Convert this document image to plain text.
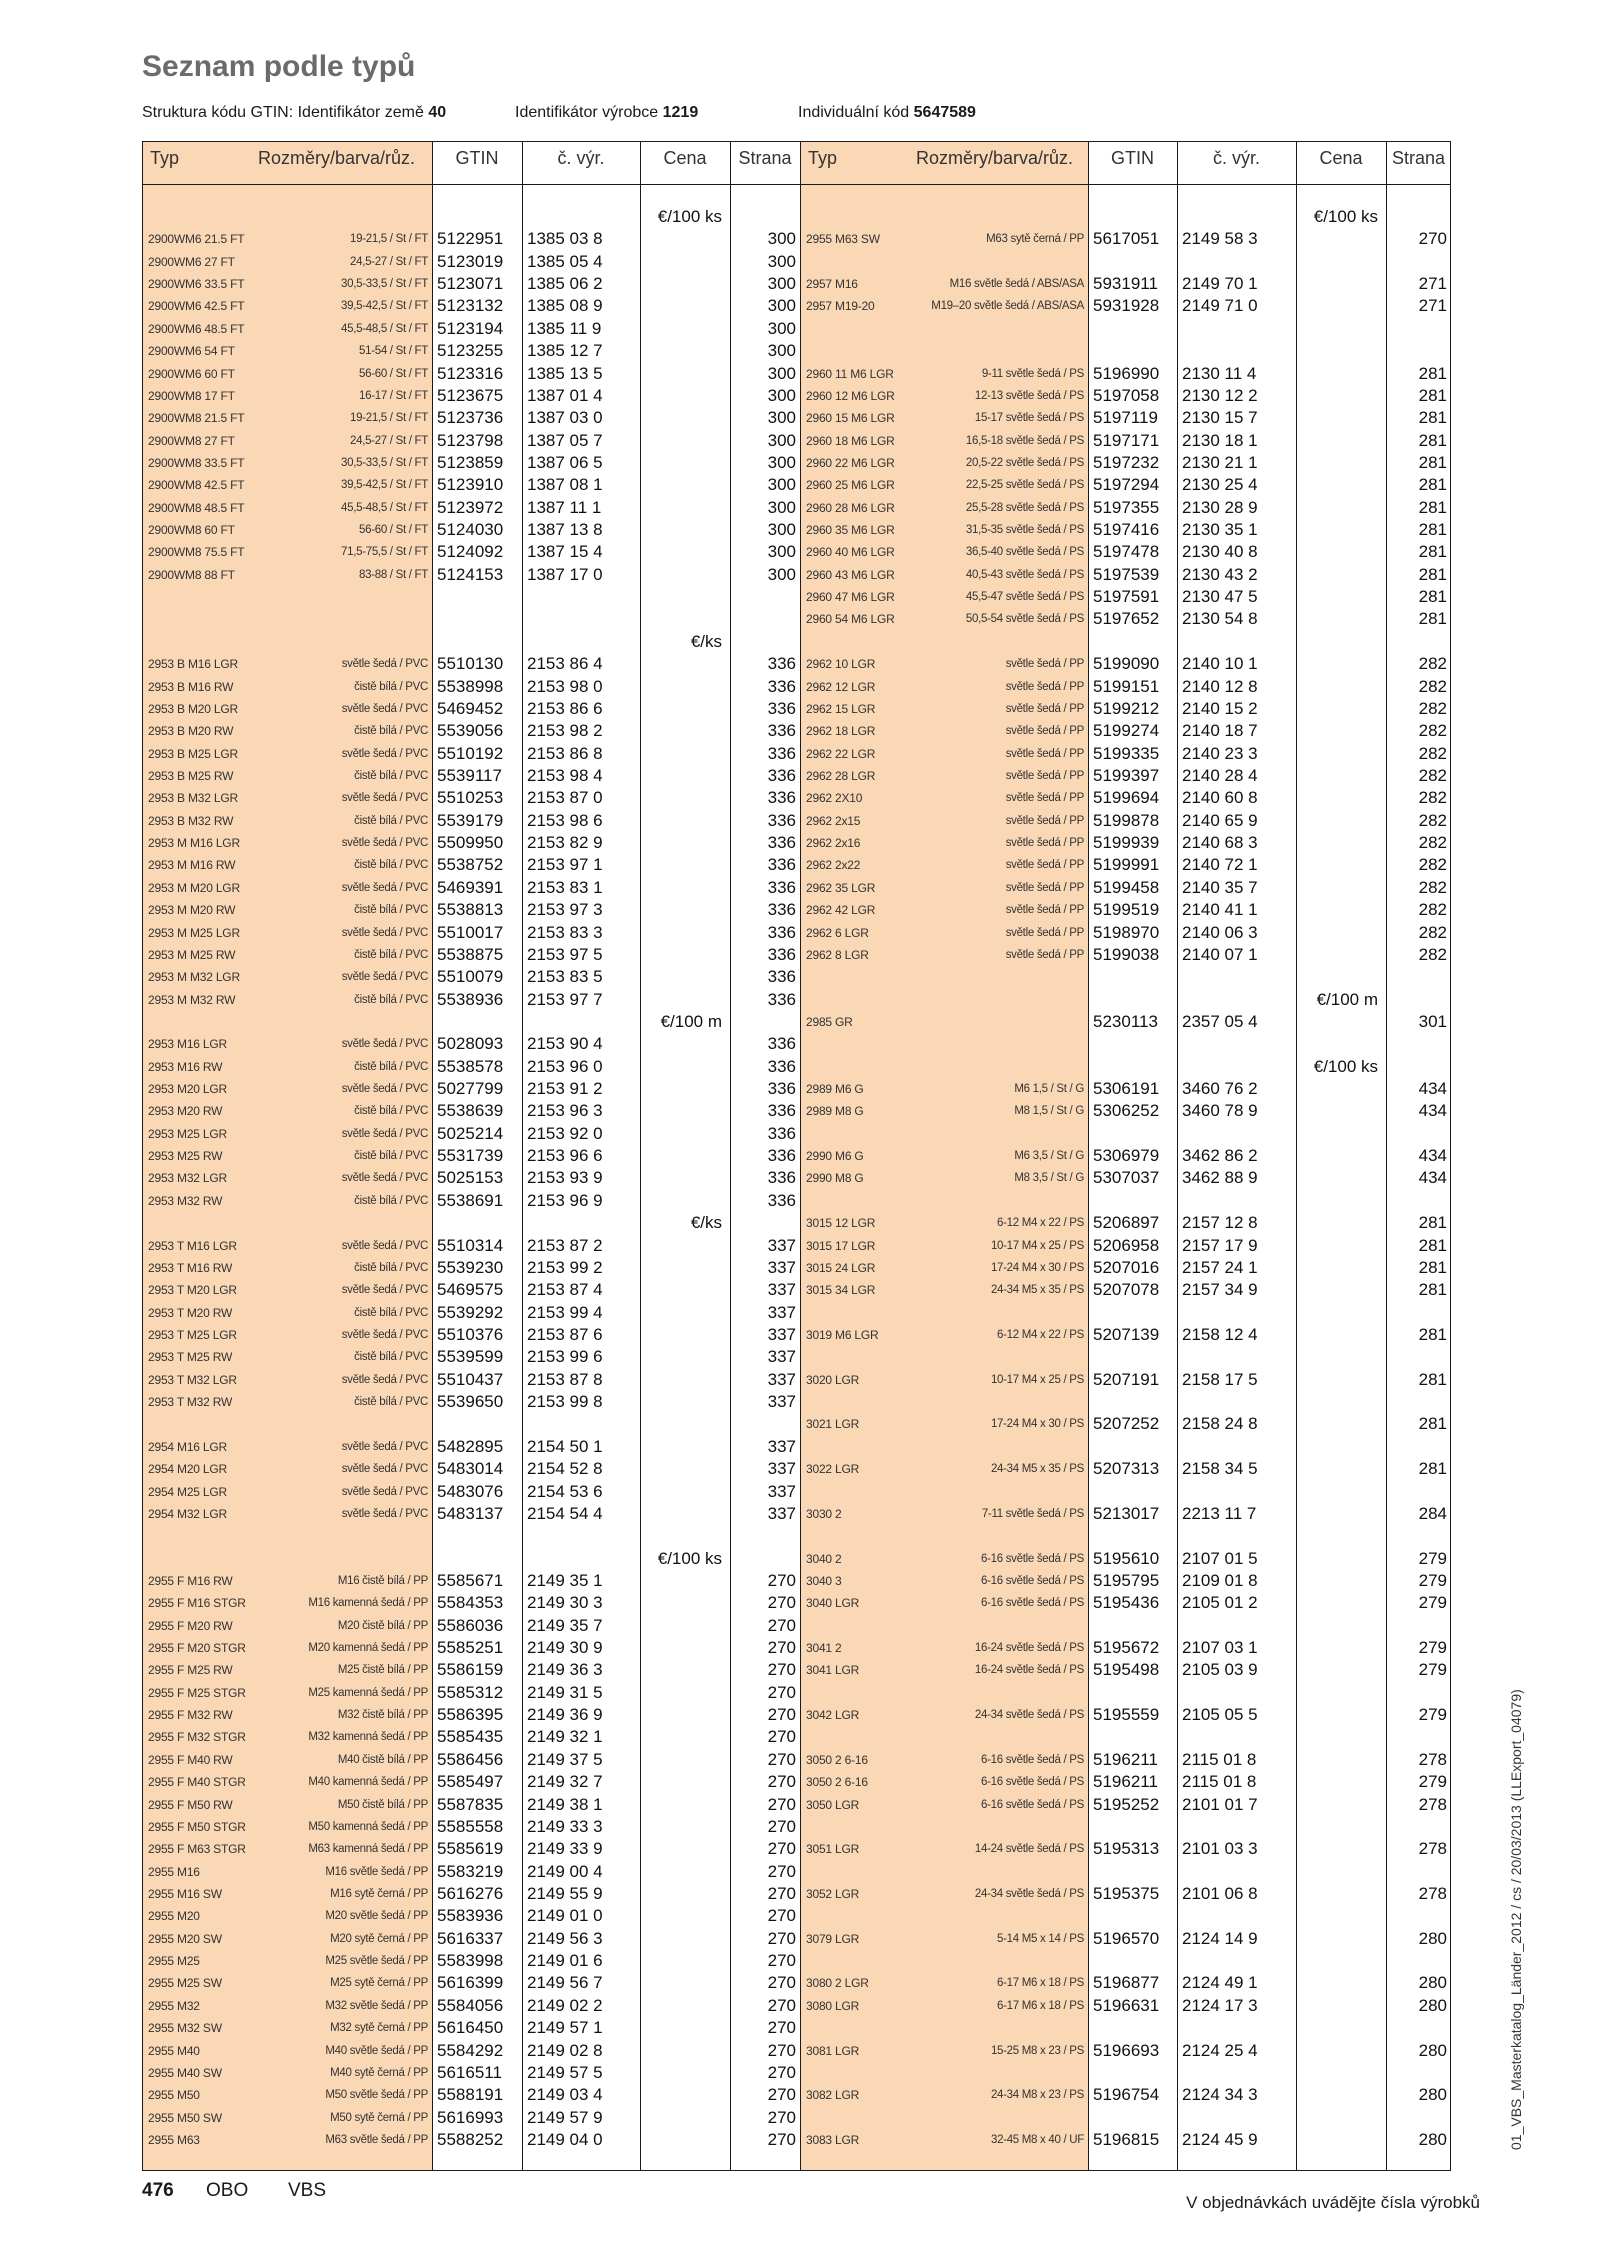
Seznam podle typů
Struktura kódu GTIN: Identifikátor země 40	Identifikátor výrobce 1219	Individuální kód 5647589
Typ	Rozměry/barva/růz.	GTIN	č. výr.	Cena	Strana Typ	Rozměry/barva/růz.	GTIN	č. výr.	Cena	Strana
€/100 ks
2900WM6 21.5 FT	19-21,5 / St / FT 5122951 1385 03 8	300
2900WM6 27 FT	24,5-27 / St / FT 5123019 1385 05 4	300
2900WM6 33.5 FT	30,5-33,5 / St / FT 5123071 1385 06 2	300
2900WM6 42.5 FT	39,5-42,5 / St / FT 5123132 1385 08 9	300
2900WM6 48.5 FT	45,5-48,5 / St / FT 5123194 1385 11 9	300
2900WM6 54 FT	51-54 / St / FT 5123255 1385 12 7	300
2900WM6 60 FT	56-60 / St / FT 5123316 1385 13 5	300
2900WM8 17 FT	16-17 / St / FT 5123675 1387 01 4	300
2900WM8 21.5 FT	19-21,5 / St / FT 5123736 1387 03 0	300
2900WM8 27 FT	24,5-27 / St / FT 5123798 1387 05 7	300
2900WM8 33.5 FT	30,5-33,5 / St / FT 5123859 1387 06 5	300
2900WM8 42.5 FT	39,5-42,5 / St / FT 5123910 1387 08 1	300
2900WM8 48.5 FT	45,5-48,5 / St / FT 5123972 1387 11 1	300
2900WM8 60 FT	56-60 / St / FT 5124030 1387 13 8	300
2900WM8 75.5 FT	71,5-75,5 / St / FT 5124092 1387 15 4	300
2900WM8 88 FT	83-88 / St / FT 5124153 1387 17 0	300
€/ks
2953 B M16 LGR	světle šedá / PVC 5510130 2153 86 4	336
2953 B M16 RW	čistě bílá / PVC 5538998 2153 98 0	336
2953 B M20 LGR	světle šedá / PVC 5469452 2153 86 6	336
2953 B M20 RW	čistě bílá / PVC 5539056 2153 98 2	336
2953 B M25 LGR	světle šedá / PVC 5510192 2153 86 8	336
2953 B M25 RW	čistě bílá / PVC 5539117 2153 98 4	336
2953 B M32 LGR	světle šedá / PVC 5510253 2153 87 0	336
2953 B M32 RW	čistě bílá / PVC 5539179 2153 98 6	336
2953 M M16 LGR	světle šedá / PVC 5509950 2153 82 9	336
2953 M M16 RW	čistě bílá / PVC 5538752 2153 97 1	336
2953 M M20 LGR	světle šedá / PVC 5469391 2153 83 1	336
2953 M M20 RW	čistě bílá / PVC 5538813 2153 97 3	336
2953 M M25 LGR	světle šedá / PVC 5510017 2153 83 3	336
2953 M M25 RW	čistě bílá / PVC 5538875 2153 97 5	336
2953 M M32 LGR	světle šedá / PVC 5510079 2153 83 5	336
2953 M M32 RW	čistě bílá / PVC 5538936 2153 97 7	336
€/100 m
2953 M16 LGR	světle šedá / PVC 5028093 2153 90 4	336
2953 M16 RW	čistě bílá / PVC 5538578 2153 96 0	336
2953 M20 LGR	světle šedá / PVC 5027799 2153 91 2	336
2953 M20 RW	čistě bílá / PVC 5538639 2153 96 3	336
2953 M25 LGR	světle šedá / PVC 5025214 2153 92 0	336
2953 M25 RW	čistě bílá / PVC 5531739 2153 96 6	336
2953 M32 LGR	světle šedá / PVC 5025153 2153 93 9	336
2953 M32 RW	čistě bílá / PVC 5538691 2153 96 9	336
€/ks
2953 T M16 LGR	světle šedá / PVC 5510314 2153 87 2	337
2953 T M16 RW	čistě bílá / PVC 5539230 2153 99 2	337
2953 T M20 LGR	světle šedá / PVC 5469575 2153 87 4	337
2953 T M20 RW	čistě bílá / PVC 5539292 2153 99 4	337
2953 T M25 LGR	světle šedá / PVC 5510376 2153 87 6	337
2953 T M25 RW	čistě bílá / PVC 5539599 2153 99 6	337
2953 T M32 LGR	světle šedá / PVC 5510437 2153 87 8	337
2953 T M32 RW	čistě bílá / PVC 5539650 2153 99 8	337
2954 M16 LGR	světle šedá / PVC 5482895 2154 50 1	337
2954 M20 LGR	světle šedá / PVC 5483014 2154 52 8	337
2954 M25 LGR	světle šedá / PVC 5483076 2154 53 6	337
2954 M32 LGR	světle šedá / PVC 5483137 2154 54 4	337
€/100 ks
2955 F M16 RW	M16 čistě bílá / PP 5585671 2149 35 1	270
2955 F M16 STGR	M16 kamenná šedá / PP 5584353 2149 30 3	270
2955 F M20 RW	M20 čistě bílá / PP 5586036 2149 35 7	270
2955 F M20 STGR	M20 kamenná šedá / PP 5585251 2149 30 9	270
2955 F M25 RW	M25 čistě bílá / PP 5586159 2149 36 3	270
2955 F M25 STGR	M25 kamenná šedá / PP 5585312 2149 31 5	270
2955 F M32 RW	M32 čistě bílá / PP 5586395 2149 36 9	270
2955 F M32 STGR	M32 kamenná šedá / PP 5585435 2149 32 1	270
2955 F M40 RW	M40 čistě bílá / PP 5586456 2149 37 5	270
2955 F M40 STGR	M40 kamenná šedá / PP 5585497 2149 32 7	270
2955 F M50 RW	M50 čistě bílá / PP 5587835 2149 38 1	270
2955 F M50 STGR	M50 kamenná šedá / PP 5585558 2149 33 3	270
2955 F M63 STGR	M63 kamenná šedá / PP 5585619 2149 33 9	270
2955 M16	M16 světle šedá / PP 5583219 2149 00 4	270
2955 M16 SW	M16 sytě černá / PP 5616276 2149 55 9	270
2955 M20	M20 světle šedá / PP 5583936 2149 01 0	270
2955 M20 SW	M20 sytě černá / PP 5616337 2149 56 3	270
2955 M25	M25 světle šedá / PP 5583998 2149 01 6	270
2955 M25 SW	M25 sytě černá / PP 5616399 2149 56 7	270
2955 M32	M32 světle šedá / PP 5584056 2149 02 2	270
2955 M32 SW	M32 sytě černá / PP 5616450 2149 57 1	270
2955 M40	M40 světle šedá / PP 5584292 2149 02 8	270
2955 M40 SW	M40 sytě černá / PP 5616511 2149 57 5	270
2955 M50	M50 světle šedá / PP 5588191 2149 03 4	270
2955 M50 SW	M50 sytě černá / PP 5616993 2149 57 9	270
2955 M63	M63 světle šedá / PP 5588252 2149 04 0	270
€/100 ks
2955 M63 SW	M63 sytě černá / PP 5617051 2149 58 3	270
2957 M16	M16 světle šedá / ABS/ASA 5931911 2149 70 1	271
2957 M19-20	M19–20 světle šedá / ABS/ASA 5931928 2149 71 0	271
2960 11 M6 LGR	9-11 světle šedá / PS 5196990 2130 11 4	281
2960 12 M6 LGR	12-13 světle šedá / PS 5197058 2130 12 2	281
2960 15 M6 LGR	15-17 světle šedá / PS 5197119 2130 15 7	281
2960 18 M6 LGR	16,5-18 světle šedá / PS 5197171 2130 18 1	281
2960 22 M6 LGR	20,5-22 světle šedá / PS 5197232 2130 21 1	281
2960 25 M6 LGR	22,5-25 světle šedá / PS 5197294 2130 25 4	281
2960 28 M6 LGR	25,5-28 světle šedá / PS 5197355 2130 28 9	281
2960 35 M6 LGR	31,5-35 světle šedá / PS 5197416 2130 35 1	281
2960 40 M6 LGR	36,5-40 světle šedá / PS 5197478 2130 40 8	281
2960 43 M6 LGR	40,5-43 světle šedá / PS 5197539 2130 43 2	281
2960 47 M6 LGR	45,5-47 světle šedá / PS 5197591 2130 47 5	281
2960 54 M6 LGR	50,5-54 světle šedá / PS 5197652 2130 54 8	281
2962 10 LGR	světle šedá / PP 5199090 2140 10 1	282
2962 12 LGR	světle šedá / PP 5199151 2140 12 8	282
2962 15 LGR	světle šedá / PP 5199212 2140 15 2	282
2962 18 LGR	světle šedá / PP 5199274 2140 18 7	282
2962 22 LGR	světle šedá / PP 5199335 2140 23 3	282
2962 28 LGR	světle šedá / PP 5199397 2140 28 4	282
2962 2X10	světle šedá / PP 5199694 2140 60 8	282
2962 2x15	světle šedá / PP 5199878 2140 65 9	282
2962 2x16	světle šedá / PP 5199939 2140 68 3	282
2962 2x22	světle šedá / PP 5199991 2140 72 1	282
2962 35 LGR	světle šedá / PP 5199458 2140 35 7	282
2962 42 LGR	světle šedá / PP 5199519 2140 41 1	282
2962 6 LGR	světle šedá / PP 5198970 2140 06 3	282
2962 8 LGR	světle šedá / PP 5199038 2140 07 1	282
€/100 m
2985 GR	5230113 2357 05 4	301
€/100 ks
2989 M6 G	M6 1,5 / St / G 5306191 3460 76 2	434
2989 M8 G	M8 1,5 / St / G 5306252 3460 78 9	434
2990 M6 G	M6 3,5 / St / G 5306979 3462 86 2	434
2990 M8 G	M8 3,5 / St / G 5307037 3462 88 9	434
3015 12 LGR	6-12 M4 x 22 / PS 5206897 2157 12 8	281
3015 17 LGR	10-17 M4 x 25 / PS 5206958 2157 17 9	281
3015 24 LGR	17-24 M4 x 30 / PS 5207016 2157 24 1	281
3015 34 LGR	24-34 M5 x 35 / PS 5207078 2157 34 9	281
3019 M6 LGR	6-12 M4 x 22 / PS 5207139 2158 12 4	281
3020 LGR	10-17 M4 x 25 / PS 5207191 2158 17 5	281
3021 LGR	17-24 M4 x 30 / PS 5207252 2158 24 8	281
3022 LGR	24-34 M5 x 35 / PS 5207313 2158 34 5	281
3030 2	7-11 světle šedá / PS 5213017 2213 11 7	284
3040 2	6-16 světle šedá / PS 5195610 2107 01 5	279
3040 3	6-16 světle šedá / PS 5195795 2109 01 8	279
3040 LGR	6-16 světle šedá / PS 5195436 2105 01 2	279
3041 2	16-24 světle šedá / PS 5195672 2107 03 1	279
3041 LGR	16-24 světle šedá / PS 5195498 2105 03 9	279
3042 LGR	24-34 světle šedá / PS 5195559 2105 05 5	279
3050 2 6-16	6-16 světle šedá / PS 5196211 2115 01 8	278
3050 2 6-16	6-16 světle šedá / PS 5196211 2115 01 8	279
3050 LGR	6-16 světle šedá / PS 5195252 2101 01 7	278
3051 LGR	14-24 světle šedá / PS 5195313 2101 03 3	278
3052 LGR	24-34 světle šedá / PS 5195375 2101 06 8	278
3079 LGR	5-14 M5 x 14 / PS 5196570 2124 14 9	280
3080 2 LGR	6-17 M6 x 18 / PS 5196877 2124 49 1	280
3080 LGR	6-17 M6 x 18 / PS 5196631 2124 17 3	280
3081 LGR	15-25 M8 x 23 / PS 5196693 2124 25 4	280
3082 LGR	24-34 M8 x 23 / PS 5196754 2124 34 3	280
3083 LGR	32-45 M8 x 40 / UF 5196815 2124 45 9	280	01_VBS_Masterkatalog_Länder_2012 / cs / 20/03/2013 (LLExport_04079)
476 OBO VBS
V objednávkách uvádějte čísla výrobků
